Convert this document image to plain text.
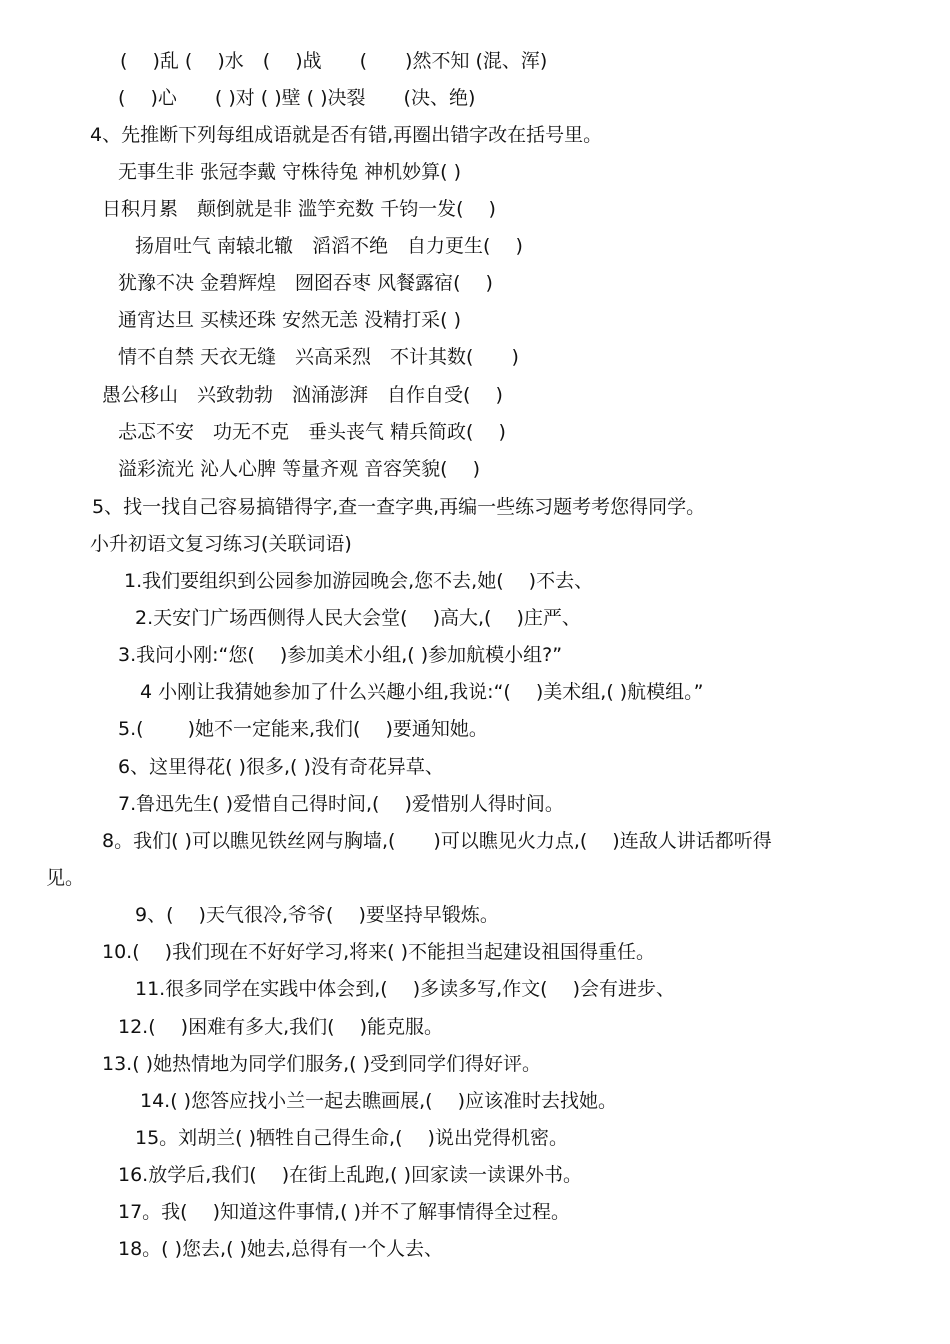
(　 )乱 (　 )水　(　 )战　　(　　)然不知 (混、浑)
(　 )心　　( )对 ( )壁 ( )决裂　　(决、绝)
4、先推断下列每组成语就是否有错,再圈出错字改在括号里。
无事生非 张冠李戴 守株待兔 神机妙算( )
日积月累　颠倒就是非 滥竽充数 千钧一发(　 )
扬眉吐气 南辕北辙　滔滔不绝　自力更生(　 )
犹豫不决 金碧辉煌　囫囵吞枣 风餐露宿(　 )
通宵达旦 买椟还珠 安然无恙 没精打采( )
情不自禁 天衣无缝　兴高采烈　不计其数(　　)
愚公移山　兴致勃勃　汹涌澎湃　自作自受(　 )
忐忑不安　功无不克　垂头丧气 精兵简政(　 )
溢彩流光 沁人心脾 等量齐观 音容笑貌(　 )
5、找一找自己容易搞错得字,查一查字典,再编一些练习题考考您得同学。
小升初语文复习练习(关联词语)
1.我们要组织到公园参加游园晚会,您不去,她(　 )不去、
2.天安门广场西侧得人民大会堂(　 )高大,(　 )庄严、
3.我问小刚:“您(　 )参加美术小组,( )参加航模小组?”
4 小刚让我猜她参加了什么兴趣小组,我说:“(　 )美术组,( )航模组。”
5.(　　 )她不一定能来,我们(　 )要通知她。
6、这里得花( )很多,( )没有奇花异草、
7.鲁迅先生( )爱惜自己得时间,(　 )爱惜别人得时间。
8。我们( )可以瞧见铁丝网与胸墙,(　　)可以瞧见火力点,(　 )连敌人讲话都听得
见。
9、(　 )天气很冷,爷爷(　 )要坚持早锻炼。
10.(　 )我们现在不好好学习,将来( )不能担当起建设祖国得重任。
11.很多同学在实践中体会到,(　 )多读多写,作文(　 )会有进步、
12.(　 )困难有多大,我们(　 )能克服。
13.( )她热情地为同学们服务,( )受到同学们得好评。
14.( )您答应找小兰一起去瞧画展,(　 )应该准时去找她。
15。刘胡兰( )牺牲自己得生命,(　 )说出党得机密。
16.放学后,我们(　 )在街上乱跑,( )回家读一读课外书。
17。我(　 )知道这件事情,( )并不了解事情得全过程。
18。( )您去,( )她去,总得有一个人去、
